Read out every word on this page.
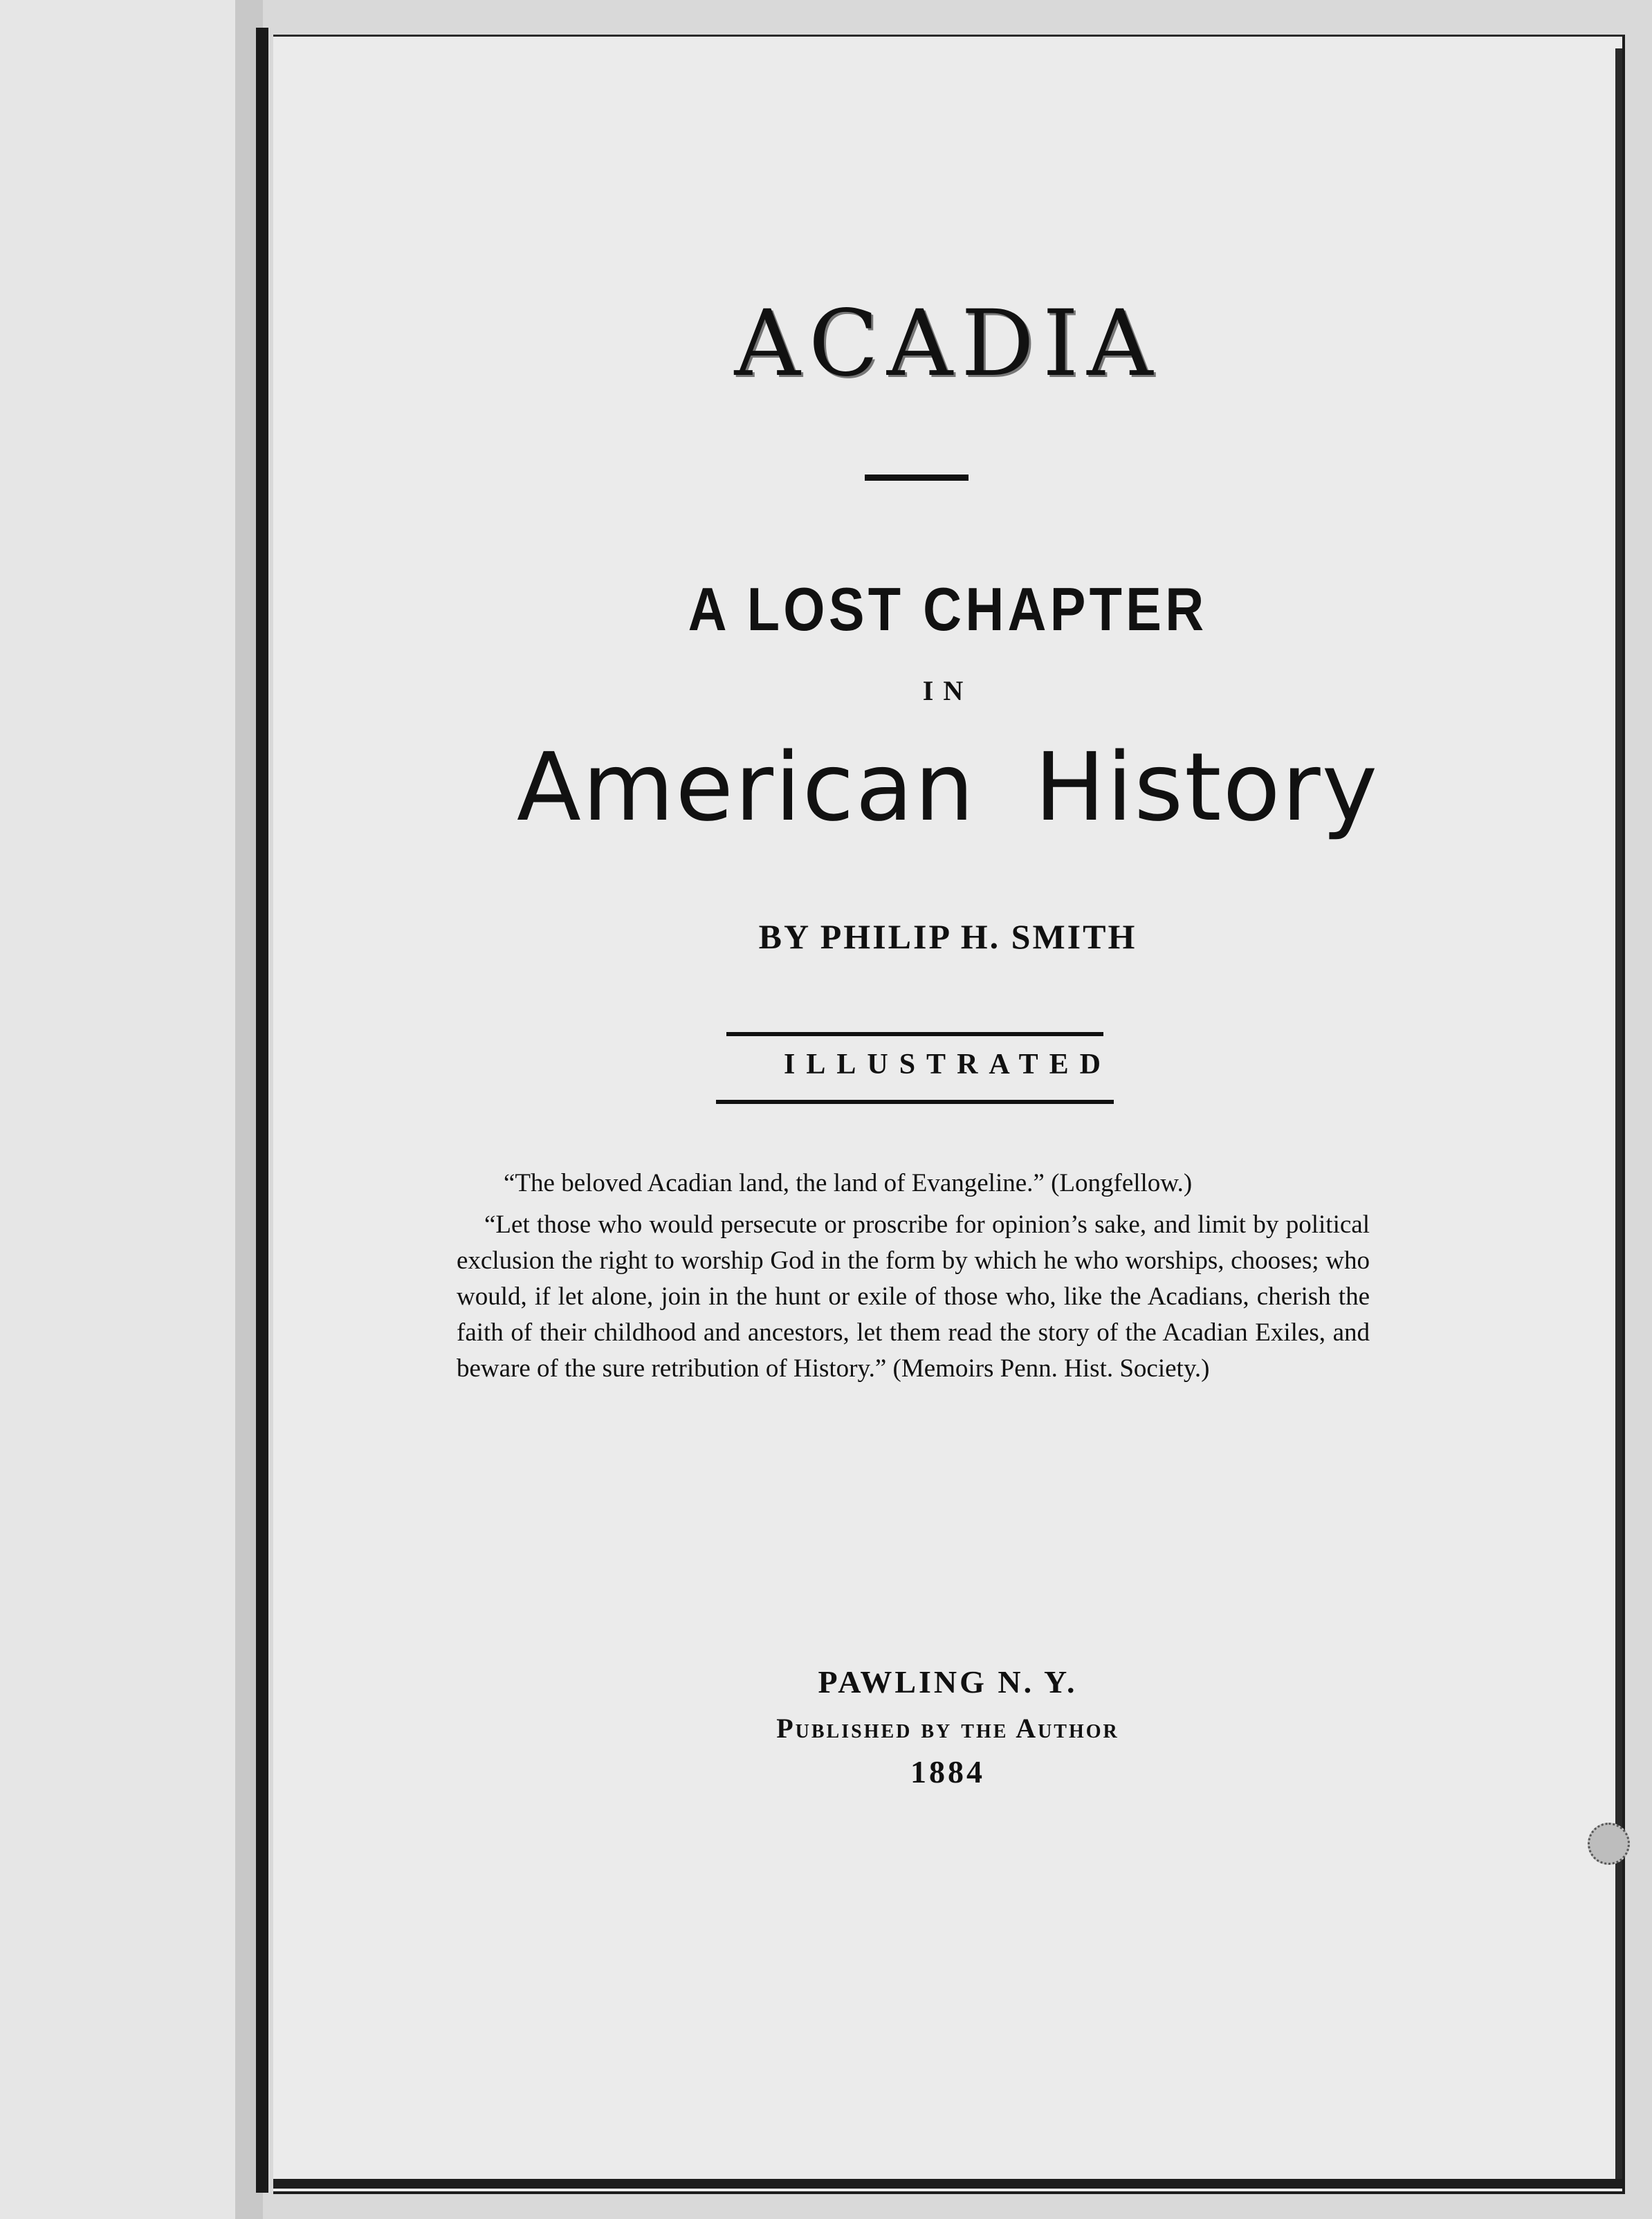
ACADIA
A LOST CHAPTER
IN
American History
BY PHILIP H. SMITH
ILLUSTRATED

“The beloved Acadian land, the land of Evangeline.” (Longfellow.)

“Let those who would persecute or proscribe for opinion’s sake, and limit by political exclusion the right to worship God in the form by which he who worships, chooses; who would, if let alone, join in the hunt or exile of those who, like the Acadians, cherish the faith of their childhood and ancestors, let them read the story of the Acadian Exiles, and beware of the sure retribution of History.” (Memoirs Penn. Hist. Society.)

PAWLING N. Y.
Published by the Author
1884
